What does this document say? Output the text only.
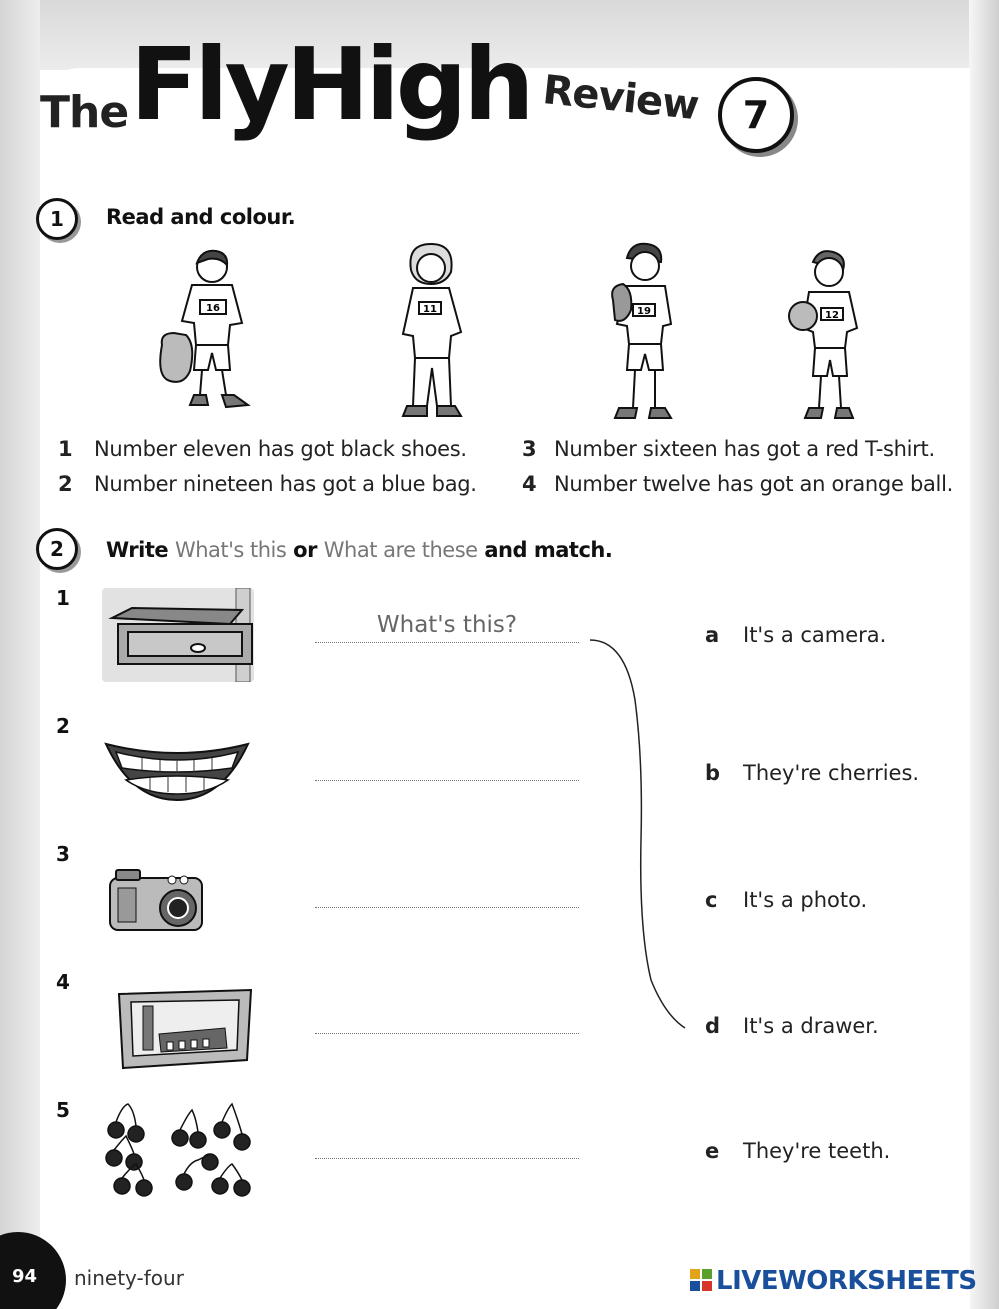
The FlyHigh Review	7
1	Read and colour.
16	11	19	12
1 Number eleven has got black shoes.
2 Number nineteen has got a blue bag.
3 Number sixteen has got a red T-shirt.
4 Number twelve has got an orange ball.
2	Write What's this or What are these and match.
1
2
3
4
5
What's this?	a It's a camera.
b They're cherries.
c It's a photo.
d It's a drawer.
e They're teeth.
94 ninety-four	LIVEWORKSHEETS
